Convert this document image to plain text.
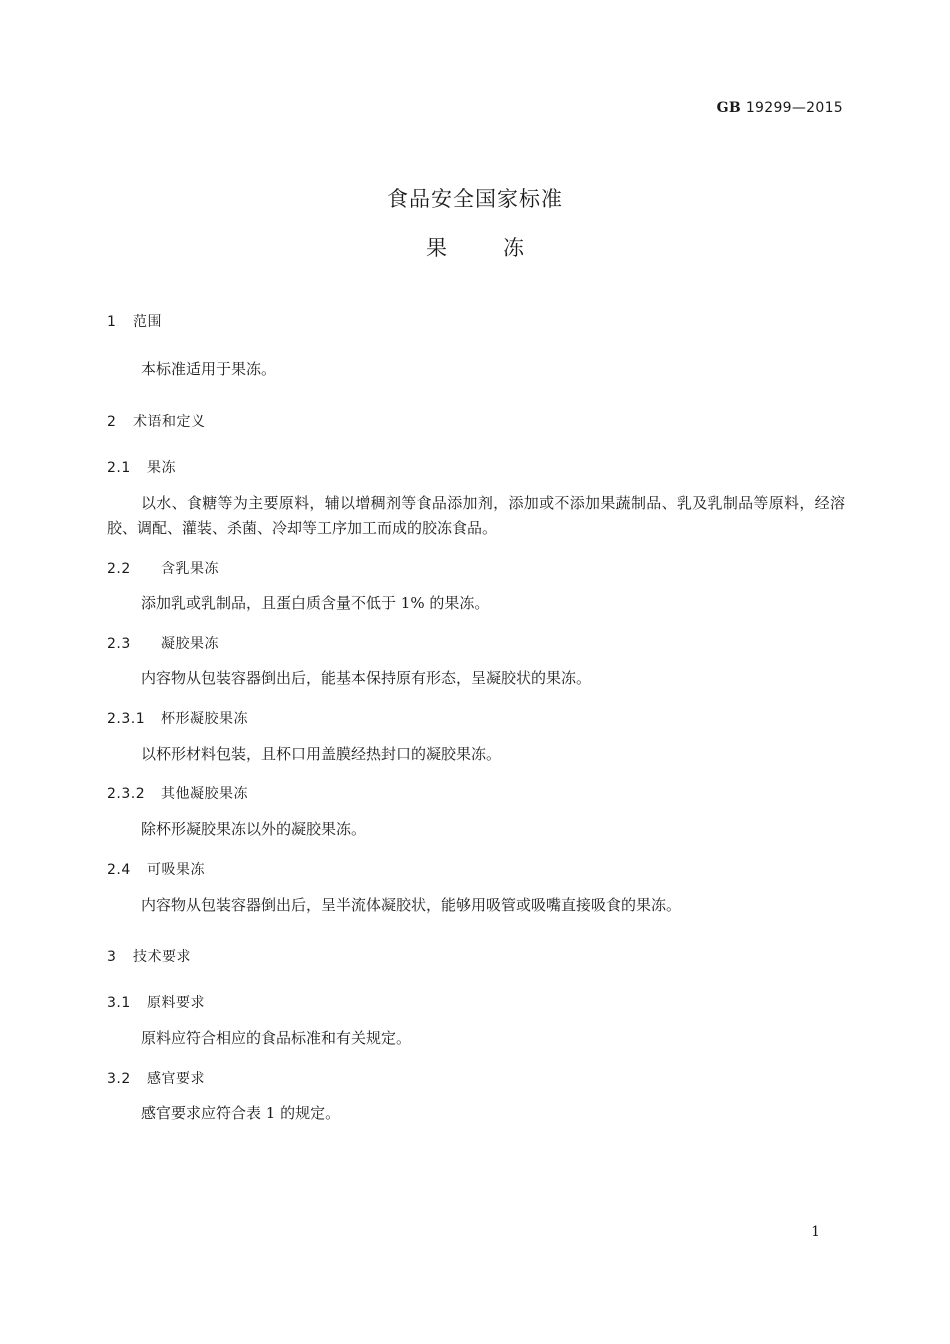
GB 19299—2015
食品安全国家标准
果	冻
1 范围
本标准适用于果冻。
2 术语和定义
2.1 果冻
以水、食糖等为主要原料，辅以增稠剂等食品添加剂，添加或不添加果蔬制品、乳及乳制品等原料，经溶胶、调配、灌装、杀菌、冷却等工序加工而成的胶冻食品。
2.2 含乳果冻
添加乳或乳制品，且蛋白质含量不低于 1% 的果冻。
2.3 凝胶果冻
内容物从包装容器倒出后，能基本保持原有形态，呈凝胶状的果冻。
2.3.1 杯形凝胶果冻
以杯形材料包装，且杯口用盖膜经热封口的凝胶果冻。
2.3.2 其他凝胶果冻
除杯形凝胶果冻以外的凝胶果冻。
2.4 可吸果冻
内容物从包装容器倒出后，呈半流体凝胶状，能够用吸管或吸嘴直接吸食的果冻。
3 技术要求
3.1 原料要求
原料应符合相应的食品标准和有关规定。
3.2 感官要求
感官要求应符合表 1 的规定。
1
